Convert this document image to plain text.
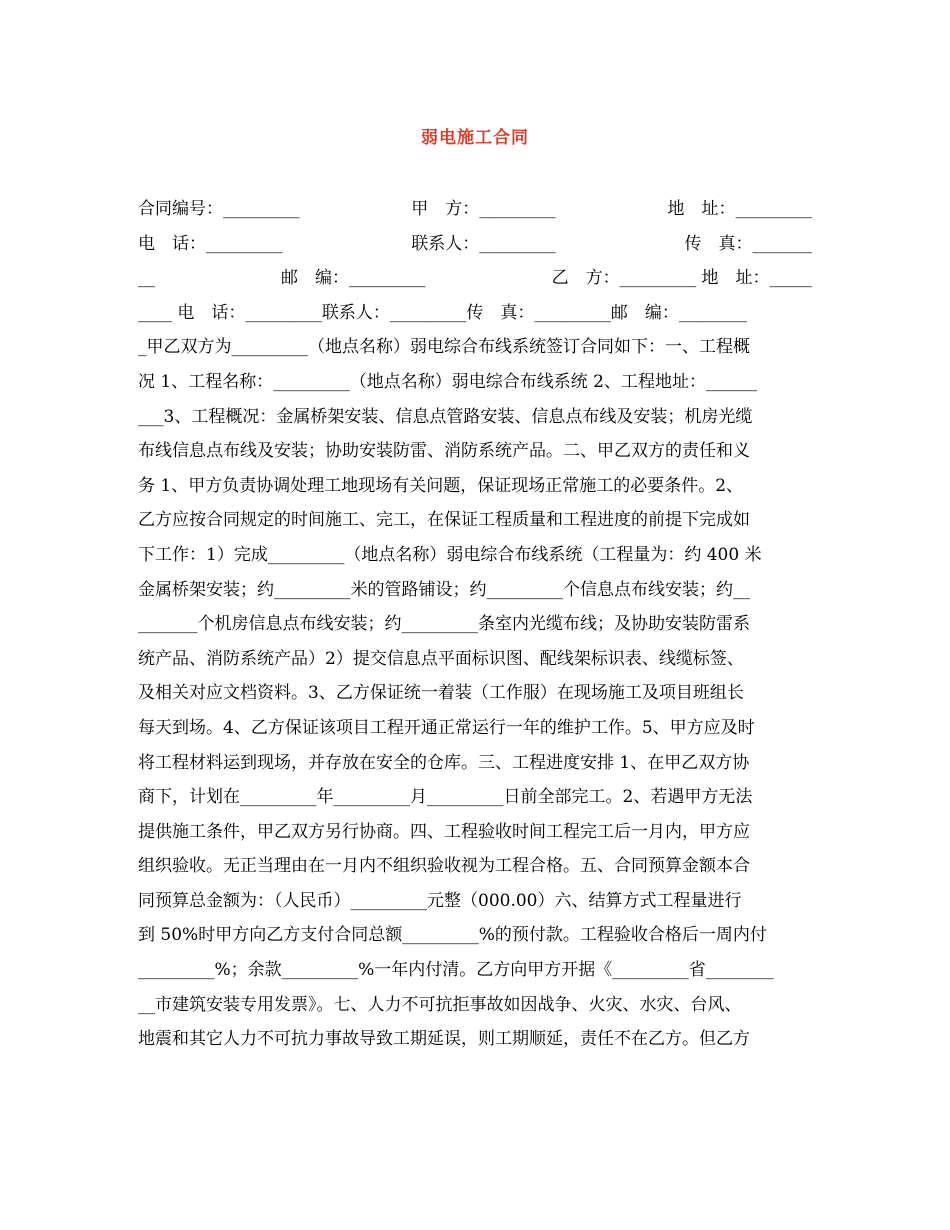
弱电施工合同
合同编号：_________	甲　方：_________	地　址：_________
电　话：_________	联系人：_________	传　真：_______
__	邮　编：_________	乙　方：_________ 地　址：_____
____ 电　话：_________联系人：_________传　真：_________邮　编：________
_甲乙双方为_________（地点名称）弱电综合布线系统签订合同如下：一、工程概
况 1、工程名称：_________（地点名称）弱电综合布线系统 2、工程地址：______
___3、工程概况：金属桥架安装、信息点管路安装、信息点布线及安装；机房光缆
布线信息点布线及安装；协助安装防雷、消防系统产品。二、甲乙双方的责任和义
务 1、甲方负责协调处理工地现场有关问题，保证现场正常施工的必要条件。2、
乙方应按合同规定的时间施工、完工，在保证工程质量和工程进度的前提下完成如
下工作：1）完成_________（地点名称）弱电综合布线系统（工程量为：约 400 米
金属桥架安装；约_________米的管路铺设；约_________个信息点布线安装；约__
_______个机房信息点布线安装；约_________条室内光缆布线；及协助安装防雷系
统产品、消防系统产品）2）提交信息点平面标识图、配线架标识表、线缆标签、
及相关对应文档资料。3、乙方保证统一着装（工作服）在现场施工及项目班组长
每天到场。4、乙方保证该项目工程开通正常运行一年的维护工作。5、甲方应及时
将工程材料运到现场，并存放在安全的仓库。三、工程进度安排 1、在甲乙双方协
商下，计划在_________年_________月_________日前全部完工。2、若遇甲方无法
提供施工条件，甲乙双方另行协商。四、工程验收时间工程完工后一月内，甲方应
组织验收。无正当理由在一月内不组织验收视为工程合格。五、合同预算金额本合
同预算总金额为：（人民币）_________元整（000.00）六、结算方式工程量进行
到 50%时甲方向乙方支付合同总额_________%的预付款。工程验收合格后一周内付
_________%；余款_________%一年内付清。乙方向甲方开据《_________省________
__市建筑安装专用发票》。七、人力不可抗拒事故如因战争、火灾、水灾、台风、
地震和其它人力不可抗力事故导致工期延误，则工期顺延，责任不在乙方。但乙方
